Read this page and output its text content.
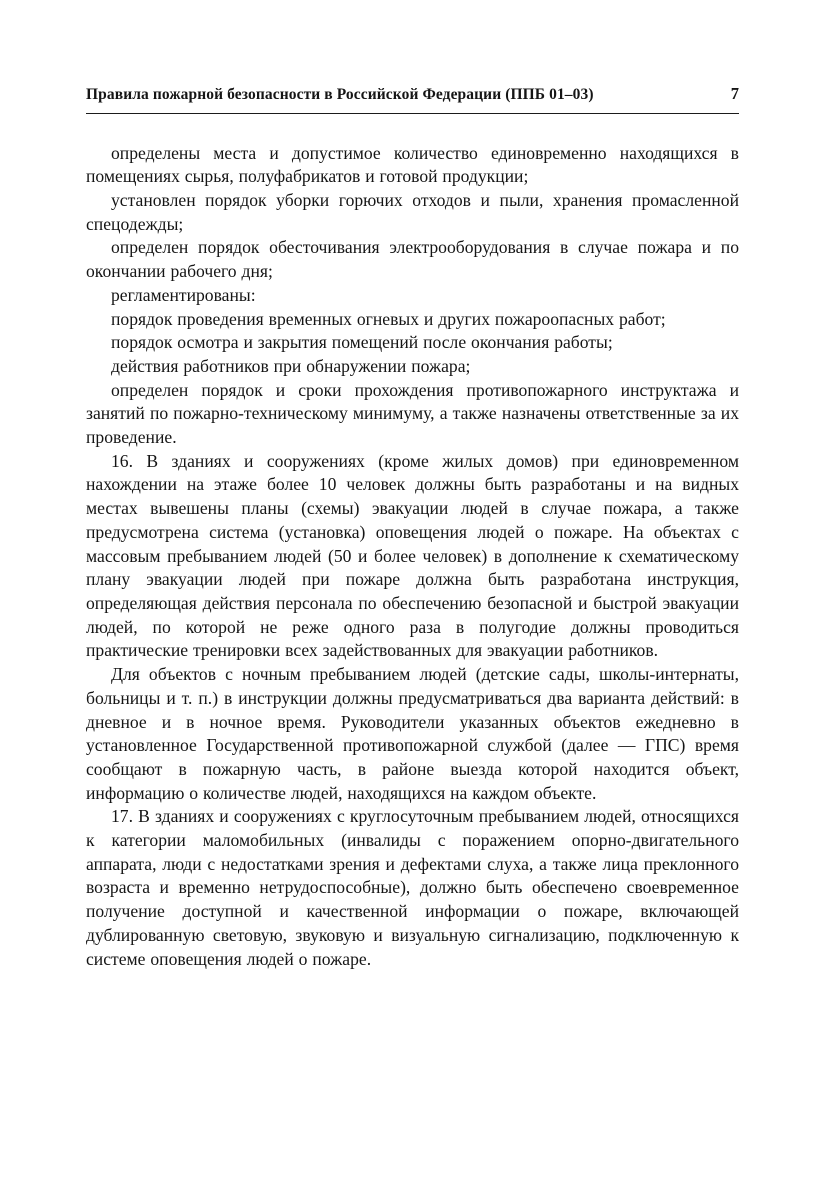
Правила пожарной безопасности в Российской Федерации (ППБ 01–03)	7

определены места и допустимое количество единовременно находящихся в помещениях сырья, полуфабрикатов и готовой продукции;

установлен порядок уборки горючих отходов и пыли, хранения промасленной спецодежды;

определен порядок обесточивания электрооборудования в случае пожара и по окончании рабочего дня;

регламентированы:

порядок проведения временных огневых и других пожароопасных работ;

порядок осмотра и закрытия помещений после окончания работы;

действия работников при обнаружении пожара;

определен порядок и сроки прохождения противопожарного инструктажа и занятий по пожарно-техническому минимуму, а также назначены ответственные за их проведение.

16. В зданиях и сооружениях (кроме жилых домов) при единовременном нахождении на этаже более 10 человек должны быть разработаны и на видных местах вывешены планы (схемы) эвакуации людей в случае пожара, а также предусмотрена система (установка) оповещения людей о пожаре. На объектах с массовым пребыванием людей (50 и более человек) в дополнение к схематическому плану эвакуации людей при пожаре должна быть разработана инструкция, определяющая действия персонала по обеспечению безопасной и быстрой эвакуации людей, по которой не реже одного раза в полугодие должны проводиться практические тренировки всех задействованных для эвакуации работников.

Для объектов с ночным пребыванием людей (детские сады, школы-интернаты, больницы и т. п.) в инструкции должны предусматриваться два варианта действий: в дневное и в ночное время. Руководители указанных объектов ежедневно в установленное Государственной противопожарной службой (далее — ГПС) время сообщают в пожарную часть, в районе выезда которой находится объект, информацию о количестве людей, находящихся на каждом объекте.

17. В зданиях и сооружениях с круглосуточным пребыванием людей, относящихся к категории маломобильных (инвалиды с поражением опорно-двигательного аппарата, люди с недостатками зрения и дефектами слуха, а также лица преклонного возраста и временно нетрудоспособные), должно быть обеспечено своевременное получение доступной и качественной информации о пожаре, включающей дублированную световую, звуковую и визуальную сигнализацию, подключенную к системе оповещения людей о пожаре.
